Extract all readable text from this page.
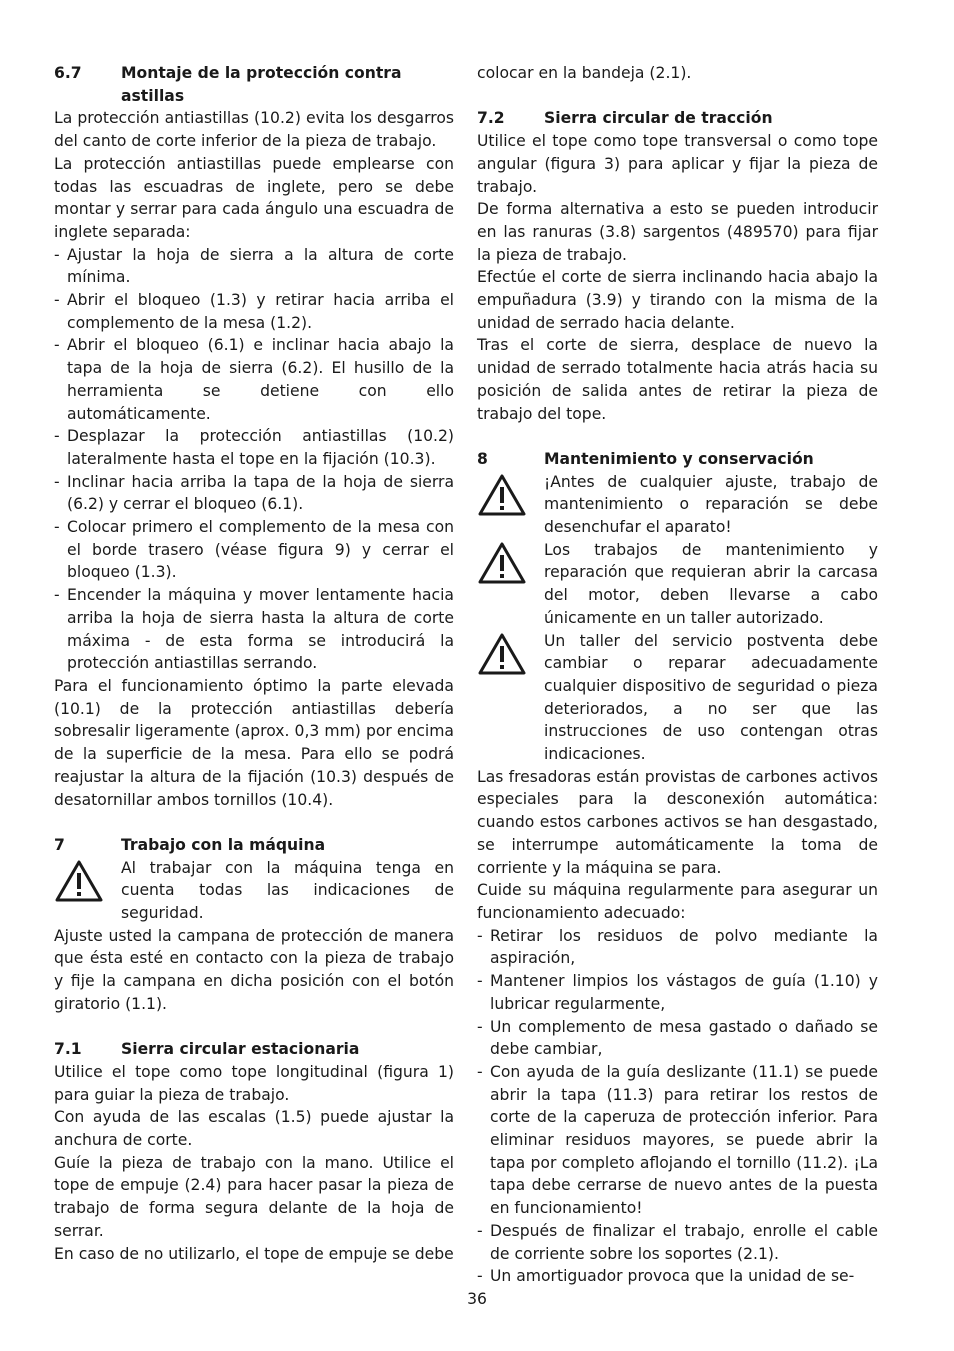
6.7	Montaje de la protección contra astillas

La protección antiastillas (10.2) evita los desgarros del canto de corte inferior de la pieza de trabajo.

La protección antiastillas puede emplearse con todas las escuadras de inglete, pero se debe montar y serrar para cada ángulo una escuadra de inglete separada:

- Ajustar la hoja de sierra a la altura de corte mínima.
- Abrir el bloqueo (1.3) y retirar hacia arriba el complemento de la mesa (1.2).
- Abrir el bloqueo (6.1) e inclinar hacia abajo la tapa de la hoja de sierra (6.2). El husillo de la herramienta se detiene con ello automáticamente.
- Desplazar la protección antiastillas (10.2) lateralmente hasta el tope en la fijación (10.3).
- Inclinar hacia arriba la tapa de la hoja de sierra (6.2) y cerrar el bloqueo (6.1).
- Colocar primero el complemento de la mesa con el borde trasero (véase figura 9) y cerrar el bloqueo (1.3).
- Encender la máquina y mover lentamente hacia arriba la hoja de sierra hasta la altura de corte máxima - de esta forma se introducirá la protección antiastillas serrando.

Para el funcionamiento óptimo la parte elevada (10.1) de la protección antiastillas debería sobresalir ligeramente (aprox. 0,3 mm) por encima de la superficie de la mesa. Para ello se podrá reajustar la altura de la fijación (10.3) después de desatornillar ambos tornillos (10.4).

7	Trabajo con la máquina
Al trabajar con la máquina tenga en cuenta todas las indicaciones de seguridad.

Ajuste usted la campana de protección de manera que ésta esté en contacto con la pieza de trabajo y fije la campana en dicha posición con el botón giratorio (1.1).

7.1	Sierra circular estacionaria

Utilice el tope como tope longitudinal (figura 1) para guiar la pieza de trabajo.

Con ayuda de las escalas (1.5) puede ajustar la anchura de corte.

Guíe la pieza de trabajo con la mano. Utilice el tope de empuje (2.4) para hacer pasar la pieza de trabajo de forma segura delante de la hoja de serrar.

En caso de no utilizarlo, el tope de empuje se debe

colocar en la bandeja (2.1).

7.2	Sierra circular de tracción

Utilice el tope como tope transversal o como tope angular (figura 3) para aplicar y fijar la pieza de trabajo.

De forma alternativa a esto se pueden introducir en las ranuras (3.8) sargentos (489570) para fijar la pieza de trabajo.

Efectúe el corte de sierra inclinando hacia abajo la empuñadura (3.9) y tirando con la misma de la unidad de serrado hacia delante.

Tras el corte de sierra, desplace de nuevo la unidad de serrado totalmente hacia atrás hacia su posición de salida antes de retirar la pieza de trabajo del tope.

8	Mantenimiento y conservación
¡Antes de cualquier ajuste, trabajo de mantenimiento o reparación se debe desenchufar el aparato!
Los trabajos de mantenimiento y reparación que requieran abrir la carcasa del motor, deben llevarse a cabo únicamente en un taller autorizado.
Un taller del servicio postventa debe cambiar o reparar adecuadamente cualquier dispositivo de seguridad o pieza deteriorados, a no ser que las instrucciones de uso contengan otras indicaciones.

Las fresadoras están provistas de carbones activos especiales para la desconexión automática: cuando estos carbones activos se han desgastado, se interrumpe automáticamente la toma de corriente y la máquina se para.

Cuide su máquina regularmente para asegurar un funcionamiento adecuado:

- Retirar los residuos de polvo mediante la aspiración,
- Mantener limpios los vástagos de guía (1.10) y lubricar regularmente,
- Un complemento de mesa gastado o dañado se debe cambiar,
- Con ayuda de la guía deslizante (11.1) se puede abrir la tapa (11.3) para retirar los restos de corte de la caperuza de protección inferior. Para eliminar residuos mayores, se puede abrir la tapa por completo aflojando el tornillo (11.2). ¡La tapa debe cerrarse de nuevo antes de la puesta en funcionamiento!
- Después de finalizar el trabajo, enrolle el cable de corriente sobre los soportes (2.1).
- Un amortiguador provoca que la unidad de se-
36
